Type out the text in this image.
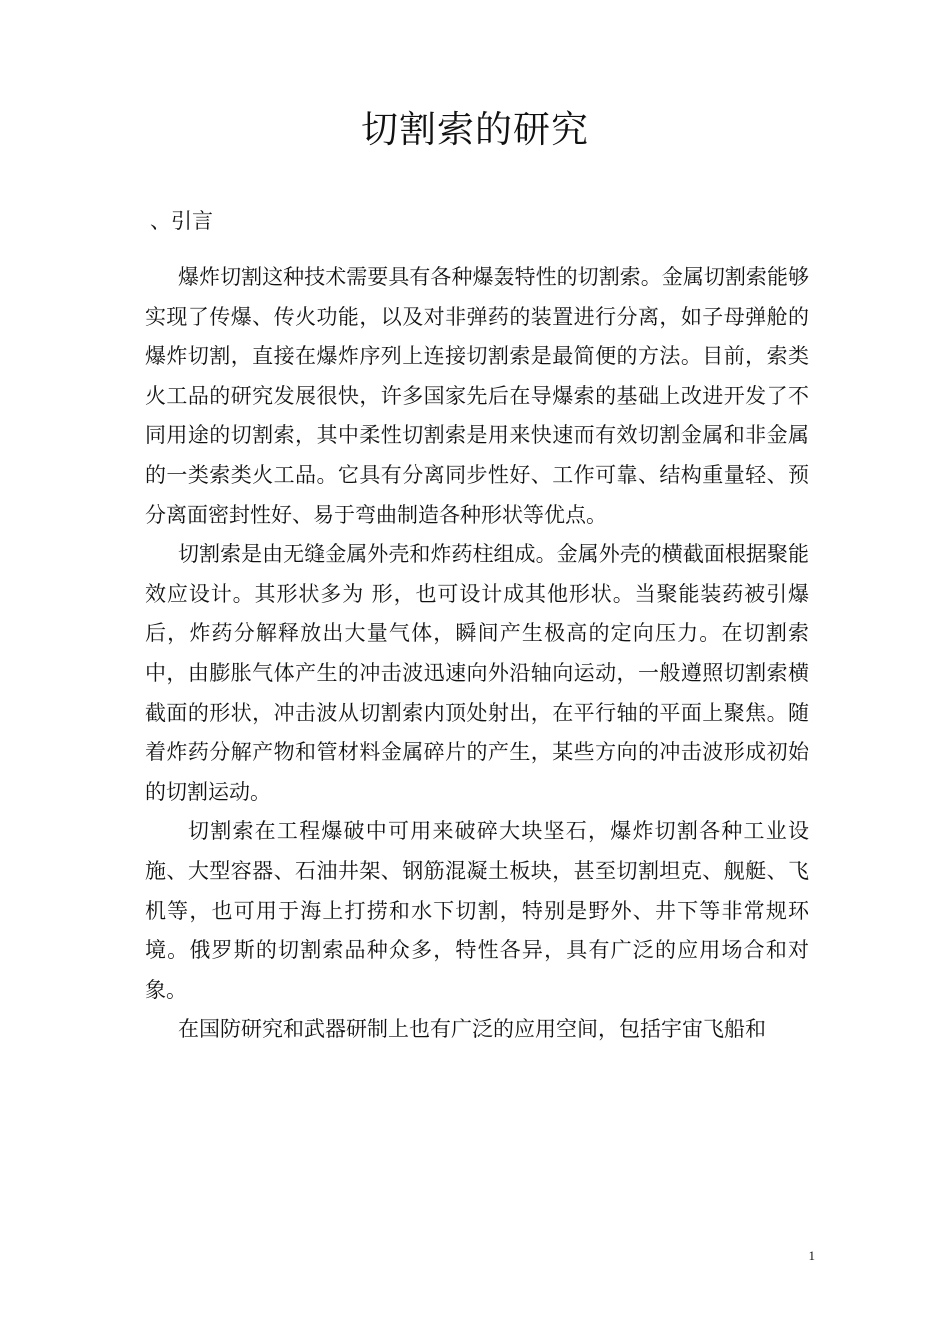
切割索的研究
、引言

爆炸切割这种技术需要具有各种爆轰特性的切割索。金属切割索能够实现了传爆、传火功能，以及对非弹药的装置进行分离，如子母弹舱的爆炸切割，直接在爆炸序列上连接切割索是最简便的方法。目前，索类火工品的研究发展很快，许多国家先后在导爆索的基础上改进开发了不同用途的切割索，其中柔性切割索是用来快速而有效切割金属和非金属的一类索类火工品。它具有分离同步性好、工作可靠、结构重量轻、预分离面密封性好、易于弯曲制造各种形状等优点。

切割索是由无缝金属外壳和炸药柱组成。金属外壳的横截面根据聚能效应设计。其形状多为 形，也可设计成其他形状。当聚能装药被引爆后，炸药分解释放出大量气体，瞬间产生极高的定向压力。在切割索中，由膨胀气体产生的冲击波迅速向外沿轴向运动，一般遵照切割索横截面的形状，冲击波从切割索内顶处射出，在平行轴的平面上聚焦。随着炸药分解产物和管材料金属碎片的产生，某些方向的冲击波形成初始的切割运动。

切割索在工程爆破中可用来破碎大块坚石，爆炸切割各种工业设施、大型容器、石油井架、钢筋混凝土板块，甚至切割坦克、舰艇、飞机等，也可用于海上打捞和水下切割，特别是野外、井下等非常规环境。俄罗斯的切割索品种众多，特性各异，具有广泛的应用场合和对象。

在国防研究和武器研制上也有广泛的应用空间，包括宇宙飞船和

1
